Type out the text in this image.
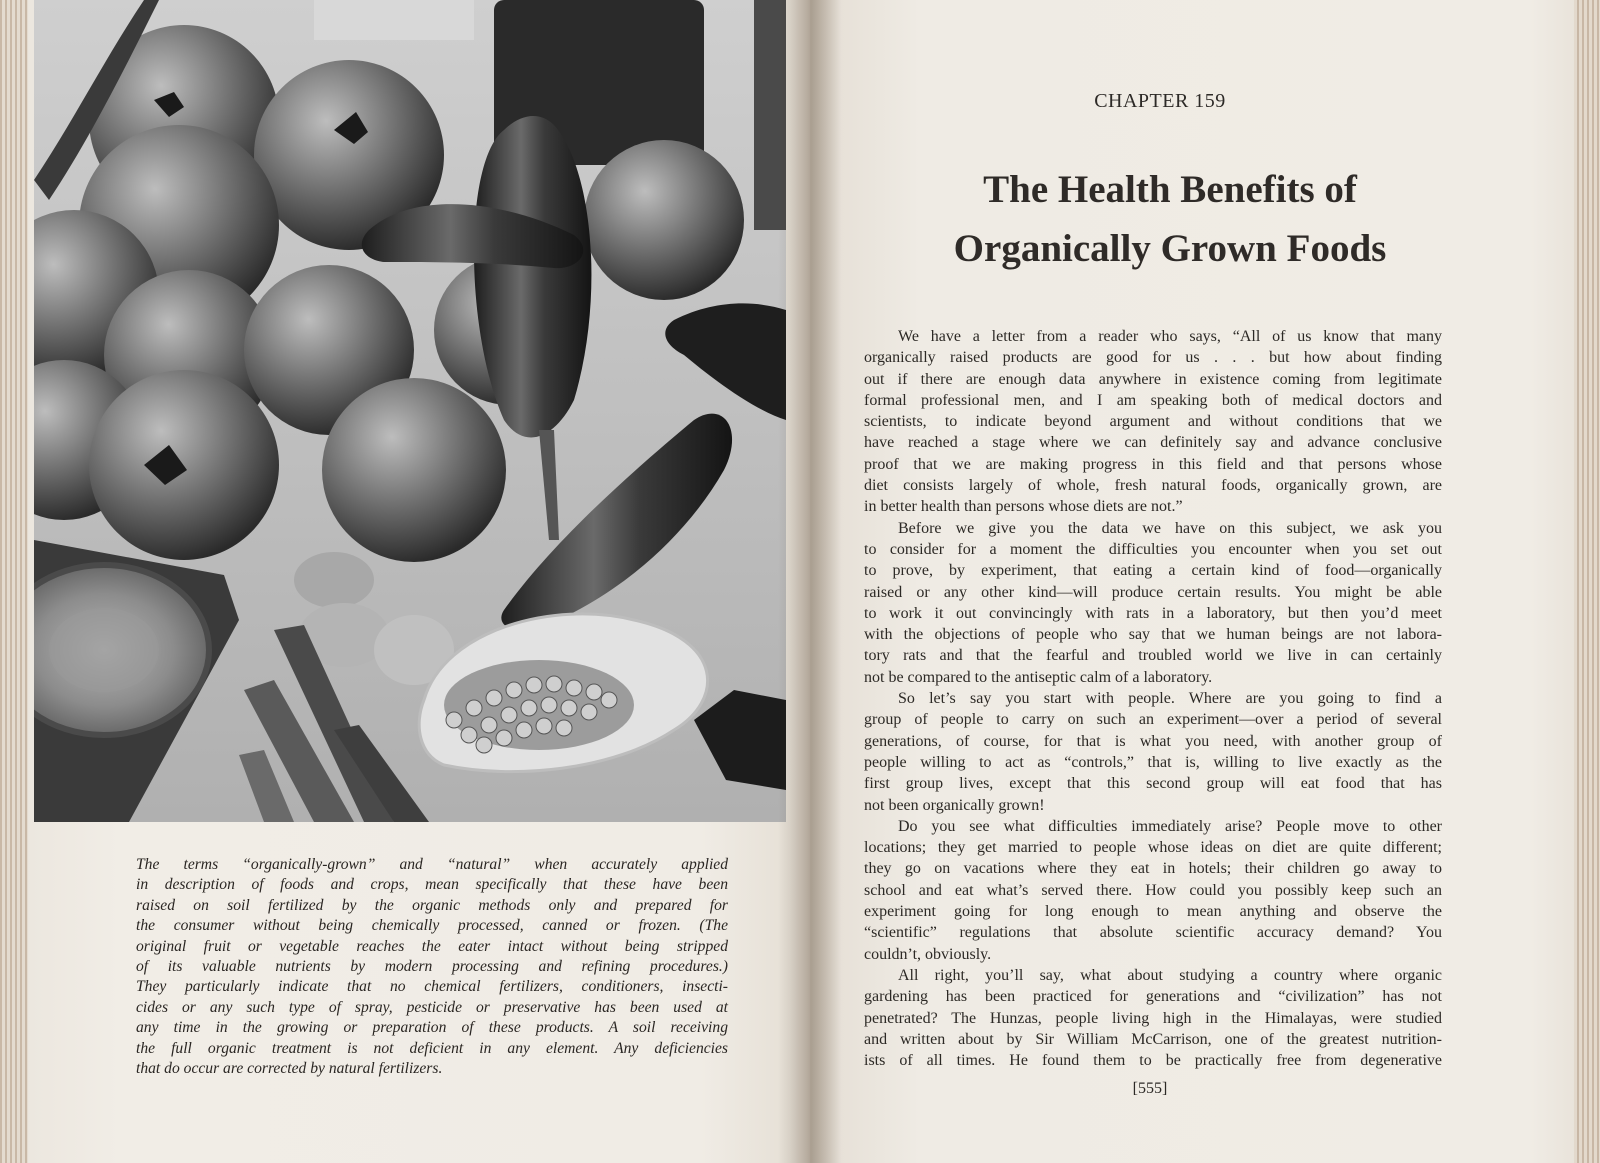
The terms “organically-grown” and “natural” when accurately applied
in description of foods and crops, mean specifically that these have been
raised on soil fertilized by the organic methods only and prepared for
the consumer without being chemically processed, canned or frozen. (The
original fruit or vegetable reaches the eater intact without being stripped
of its valuable nutrients by modern processing and refining procedures.)
They particularly indicate that no chemical fertilizers, conditioners, insecti-
cides or any such type of spray, pesticide or preservative has been used at
any time in the growing or preparation of these products. A soil receiving
the full organic treatment is not deficient in any element. Any deficiencies
that do occur are corrected by natural fertilizers.
CHAPTER 159
The Health Benefits of
Organically Grown Foods
We have a letter from a reader who says, “All of us know that many
organically raised products are good for us . . . but how about finding
out if there are enough data anywhere in existence coming from legitimate
formal professional men, and I am speaking both of medical doctors and
scientists, to indicate beyond argument and without conditions that we
have reached a stage where we can definitely say and advance conclusive
proof that we are making progress in this field and that persons whose
diet consists largely of whole, fresh natural foods, organically grown, are
in better health than persons whose diets are not.”
Before we give you the data we have on this subject, we ask you
to consider for a moment the difficulties you encounter when you set out
to prove, by experiment, that eating a certain kind of food—organically
raised or any other kind—will produce certain results. You might be able
to work it out convincingly with rats in a laboratory, but then you’d meet
with the objections of people who say that we human beings are not labora-
tory rats and that the fearful and troubled world we live in can certainly
not be compared to the antiseptic calm of a laboratory.
So let’s say you start with people. Where are you going to find a
group of people to carry on such an experiment—over a period of several
generations, of course, for that is what you need, with another group of
people willing to act as “controls,” that is, willing to live exactly as the
first group lives, except that this second group will eat food that has
not been organically grown!
Do you see what difficulties immediately arise? People move to other
locations; they get married to people whose ideas on diet are quite different;
they go on vacations where they eat in hotels; their children go away to
school and eat what’s served there. How could you possibly keep such an
experiment going for long enough to mean anything and observe the
“scientific” regulations that absolute scientific accuracy demand? You
couldn’t, obviously.
All right, you’ll say, what about studying a country where organic
gardening has been practiced for generations and “civilization” has not
penetrated? The Hunzas, people living high in the Himalayas, were studied
and written about by Sir William McCarrison, one of the greatest nutrition-
ists of all times. He found them to be practically free from degenerative
[555]
